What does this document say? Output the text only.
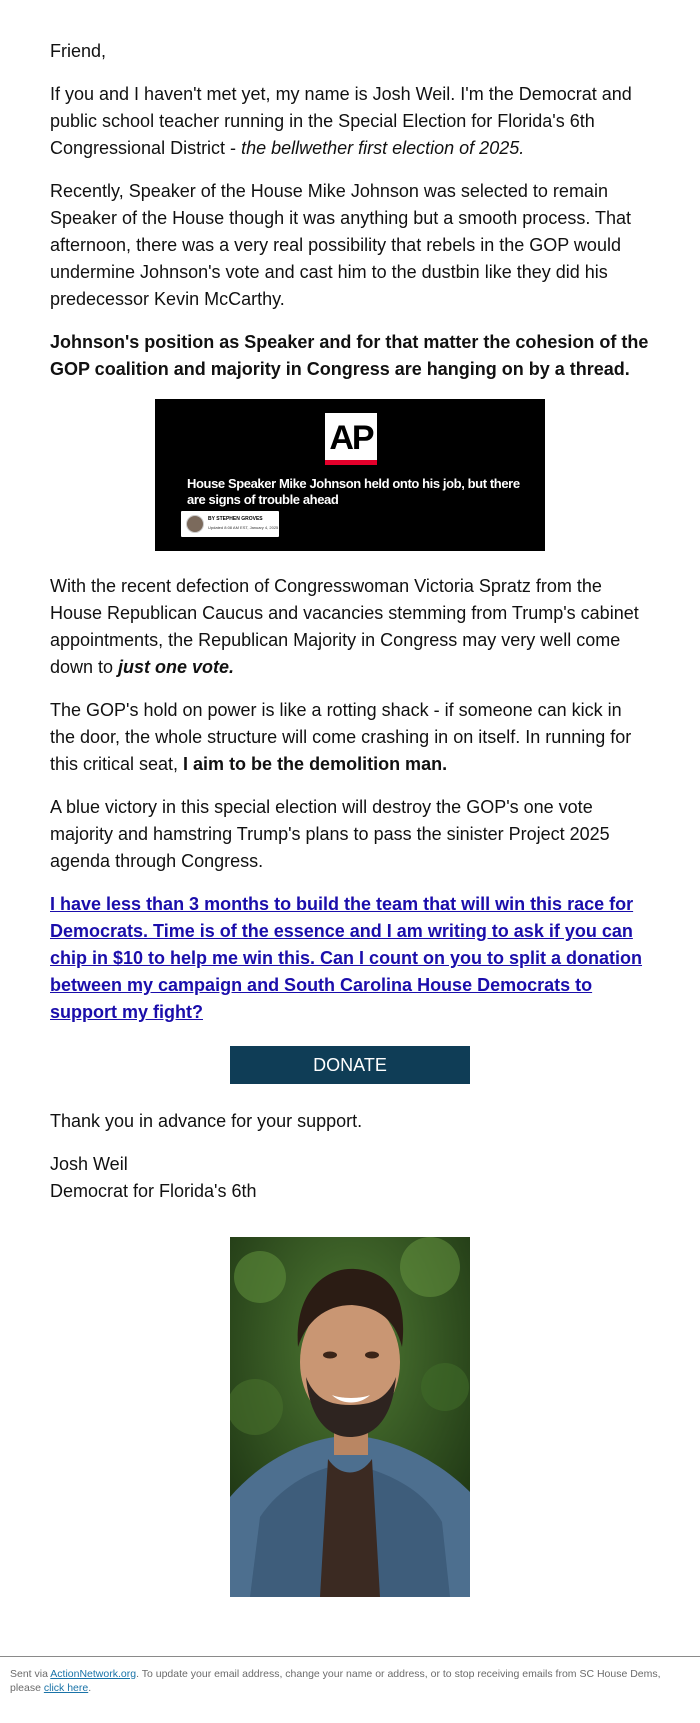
Friend,

If you and I haven't met yet, my name is Josh Weil. I'm the Democrat and public school teacher running in the Special Election for Florida's 6th Congressional District - the bellwether first election of 2025.

Recently, Speaker of the House Mike Johnson was selected to remain Speaker of the House though it was anything but a smooth process. That afternoon, there was a very real possibility that rebels in the GOP would undermine Johnson's vote and cast him to the dustbin like they did his predecessor Kevin McCarthy.

Johnson's position as Speaker and for that matter the cohesion of the GOP coalition and majority in Congress are hanging on by a thread.

AP
House Speaker Mike Johnson held onto his job, but there are signs of trouble ahead
BY STEPHEN GROVES
Updated 8:08 AM EST, January 4, 2025

With the recent defection of Congresswoman Victoria Spratz from the House Republican Caucus and vacancies stemming from Trump's cabinet appointments, the Republican Majority in Congress may very well come down to just one vote.

The GOP's hold on power is like a rotting shack - if someone can kick in the door, the whole structure will come crashing in on itself. In running for this critical seat, I aim to be the demolition man.

A blue victory in this special election will destroy the GOP's one vote majority and hamstring Trump's plans to pass the sinister Project 2025 agenda through Congress.

I have less than 3 months to build the team that will win this race for Democrats. Time is of the essence and I am writing to ask if you can chip in $10 to help me win this. Can I count on you to split a donation between my campaign and South Carolina House Democrats to support my fight?

DONATE

Thank you in advance for your support.

Josh Weil
Democrat for Florida's 6th

Sent via ActionNetwork.org. To update your email address, change your name or address, or to stop receiving emails from SC House Dems, please click here.
